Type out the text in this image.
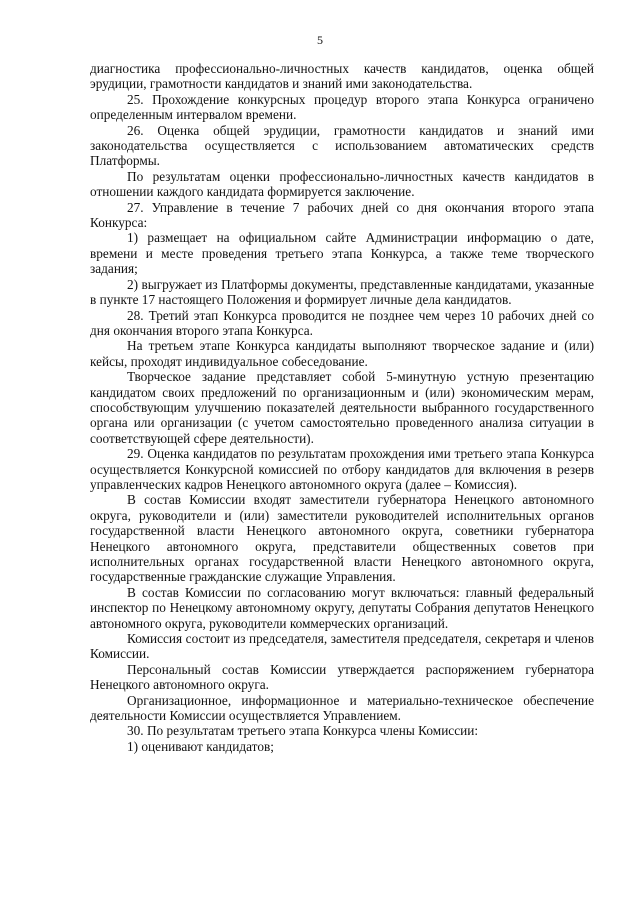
5

диагностика профессионально-личностных качеств кандидатов, оценка общей эрудиции, грамотности кандидатов и знаний ими законодательства.

25. Прохождение конкурсных процедур второго этапа Конкурса ограничено определенным интервалом времени.

26. Оценка общей эрудиции, грамотности кандидатов и знаний ими законодательства осуществляется с использованием автоматических средств Платформы.

По результатам оценки профессионально-личностных качеств кандидатов в отношении каждого кандидата формируется заключение.

27. Управление в течение 7 рабочих дней со дня окончания второго этапа Конкурса:

1) размещает на официальном сайте Администрации информацию о дате, времени и месте проведения третьего этапа Конкурса, а также теме творческого задания;

2) выгружает из Платформы документы, представленные кандидатами, указанные в пункте 17 настоящего Положения и формирует личные дела кандидатов.

28. Третий этап Конкурса проводится не позднее чем через 10 рабочих дней со дня окончания второго этапа Конкурса.

На третьем этапе Конкурса кандидаты выполняют творческое задание и (или) кейсы, проходят индивидуальное собеседование.

Творческое задание представляет собой 5-минутную устную презентацию кандидатом своих предложений по организационным и (или) экономическим мерам, способствующим улучшению показателей деятельности выбранного государственного органа или организации (с учетом самостоятельно проведенного анализа ситуации в соответствующей сфере деятельности).

29. Оценка кандидатов по результатам прохождения ими третьего этапа Конкурса осуществляется Конкурсной комиссией по отбору кандидатов для включения в резерв управленческих кадров Ненецкого автономного округа (далее – Комиссия).

В состав Комиссии входят заместители губернатора Ненецкого автономного округа, руководители и (или) заместители руководителей исполнительных органов государственной власти Ненецкого автономного округа, советники губернатора Ненецкого автономного округа, представители общественных советов при исполнительных органах государственной власти Ненецкого автономного округа, государственные гражданские служащие Управления.

В состав Комиссии по согласованию могут включаться: главный федеральный инспектор по Ненецкому автономному округу, депутаты Собрания депутатов Ненецкого автономного округа, руководители коммерческих организаций.

Комиссия состоит из председателя, заместителя председателя, секретаря и членов Комиссии.

Персональный состав Комиссии утверждается распоряжением губернатора Ненецкого автономного округа.

Организационное, информационное и материально-техническое обеспечение деятельности Комиссии осуществляется Управлением.

30. По результатам третьего этапа Конкурса члены Комиссии:

1) оценивают кандидатов;
